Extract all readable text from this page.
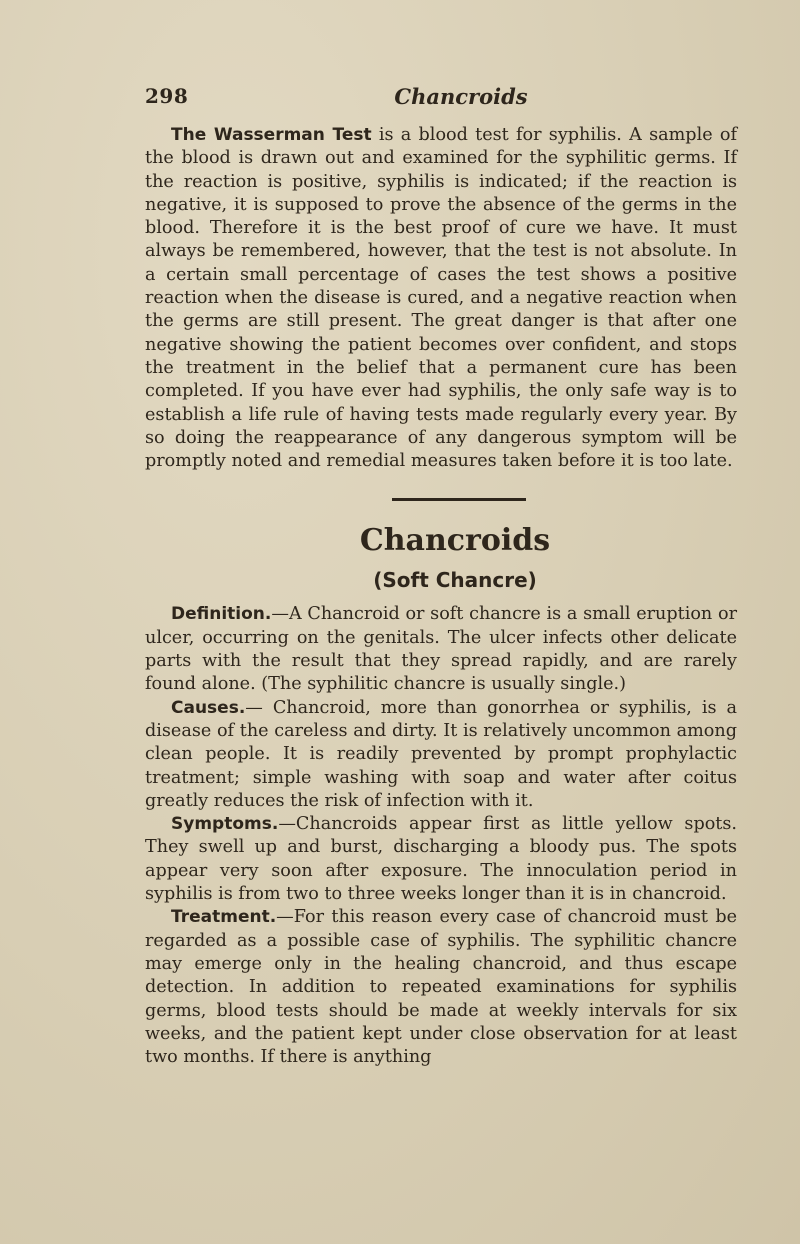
298	Chancroids

The Wasserman Test is a blood test for syphilis. A sample of the blood is drawn out and examined for the syphilitic germs. If the reaction is positive, syphilis is indicated; if the reaction is negative, it is supposed to prove the absence of the germs in the blood. Therefore it is the best proof of cure we have. It must always be remembered, however, that the test is not absolute. In a certain small percentage of cases the test shows a positive reaction when the disease is cured, and a negative reaction when the germs are still present. The great danger is that after one negative showing the patient becomes over confident, and stops the treatment in the belief that a permanent cure has been completed. If you have ever had syphilis, the only safe way is to establish a life rule of having tests made regularly every year. By so doing the reappearance of any dangerous symptom will be promptly noted and remedial measures taken before it is too late.

Chancroids
(Soft Chancre)

Definition.—A Chancroid or soft chancre is a small eruption or ulcer, occurring on the genitals. The ulcer infects other delicate parts with the result that they spread rapidly, and are rarely found alone. (The syphilitic chancre is usually single.)

Causes.— Chancroid, more than gonorrhea or syphilis, is a disease of the careless and dirty. It is relatively uncommon among clean people. It is readily prevented by prompt prophylactic treatment; simple washing with soap and water after coitus greatly reduces the risk of infection with it.

Symptoms.—Chancroids appear first as little yellow spots. They swell up and burst, discharging a bloody pus. The spots appear very soon after exposure. The innoculation period in syphilis is from two to three weeks longer than it is in chancroid.

Treatment.—For this reason every case of chancroid must be regarded as a possible case of syphilis. The syphilitic chancre may emerge only in the healing chancroid, and thus escape detection. In addition to repeated examinations for syphilis germs, blood tests should be made at weekly intervals for six weeks, and the patient kept under close observation for at least two months. If there is anything
